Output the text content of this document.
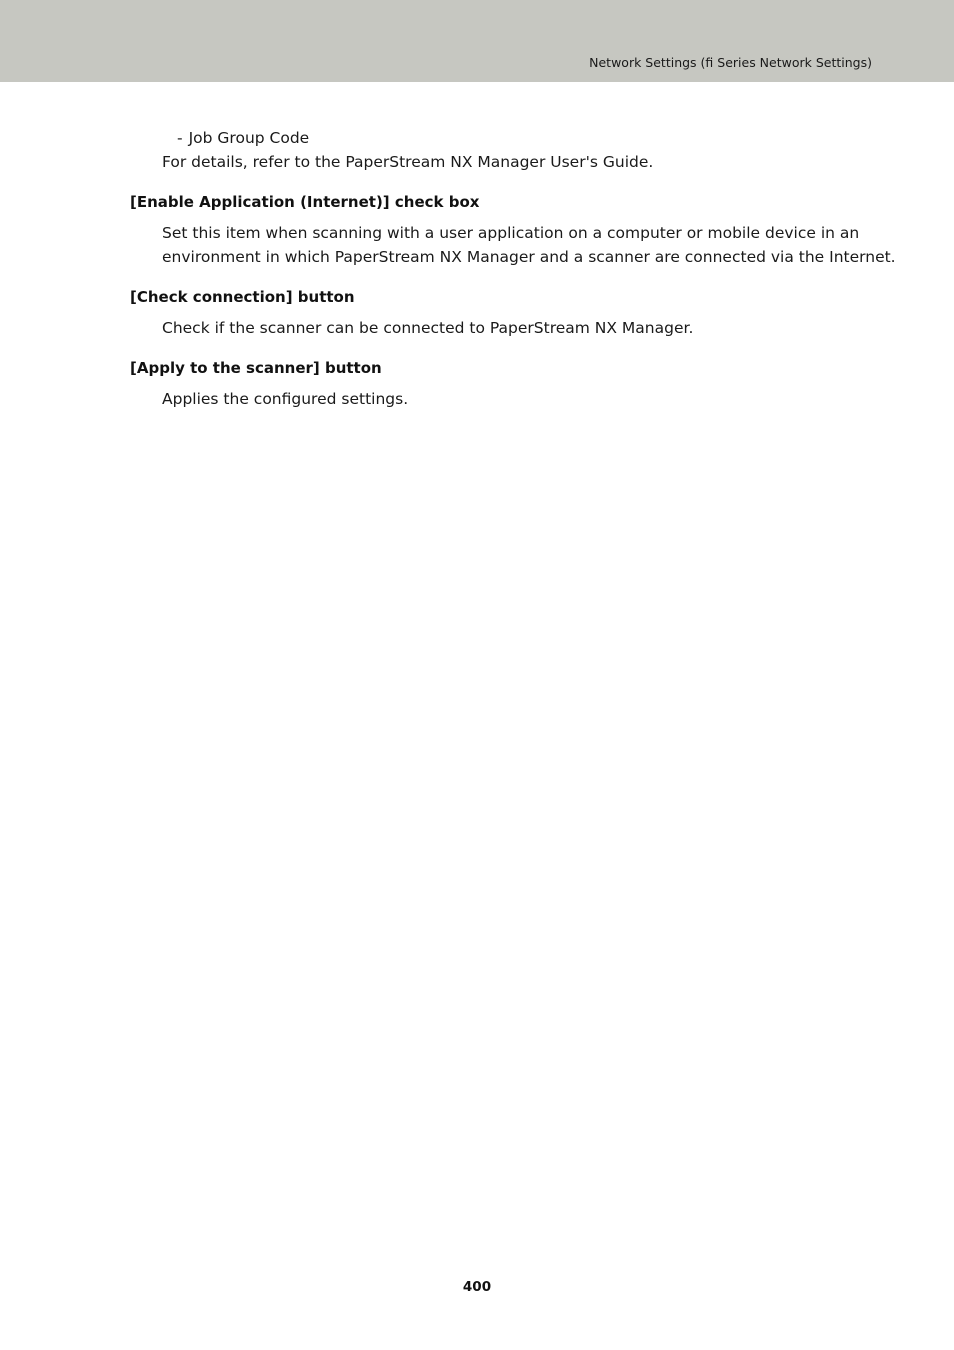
Network Settings (fi Series Network Settings)
- Job Group Code
For details, refer to the PaperStream NX Manager User's Guide.
[Enable Application (Internet)] check box
Set this item when scanning with a user application on a computer or mobile device in an
environment in which PaperStream NX Manager and a scanner are connected via the Internet.
[Check connection] button
Check if the scanner can be connected to PaperStream NX Manager.
[Apply to the scanner] button
Applies the configured settings.
400
